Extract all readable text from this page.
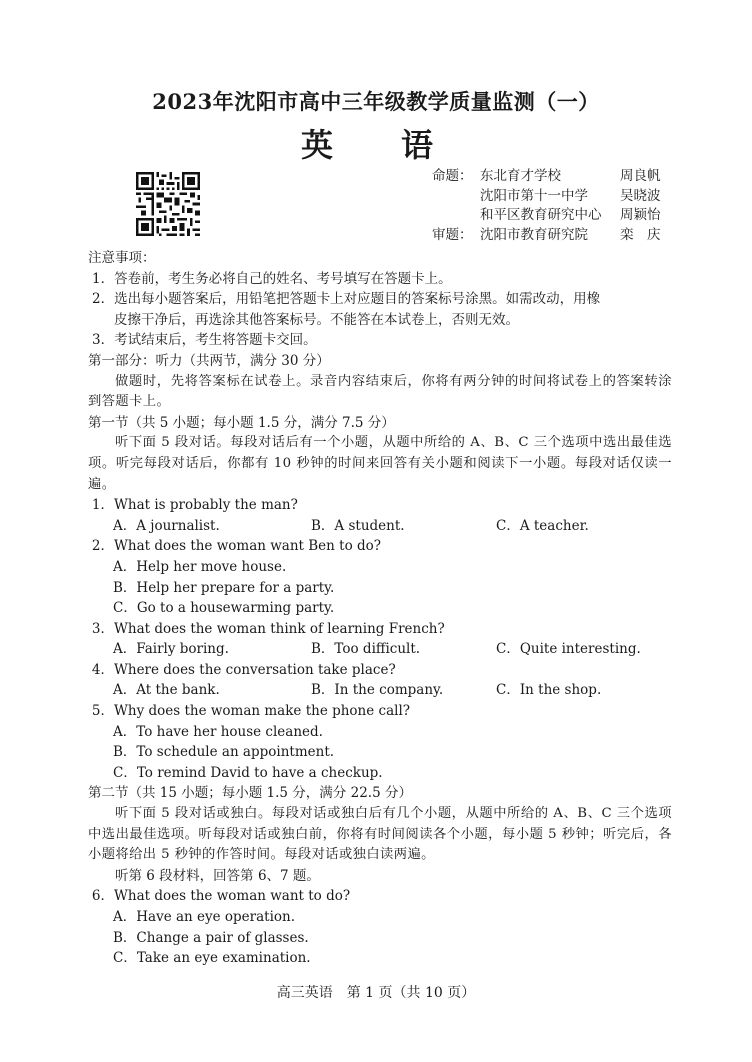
2023年沈阳市高中三年级教学质量监测（一）
英　语
命题： 东北育才学校	周良帆
沈阳市第十一中学	吴晓波
和平区教育研究中心	周颖怡
审题： 沈阳市教育研究院	栾　庆
注意事项：
1．答卷前，考生务必将自己的姓名、考号填写在答题卡上。
2．选出每小题答案后，用铅笔把答题卡上对应题目的答案标号涂黑。如需改动，用橡
皮擦干净后，再选涂其他答案标号。不能答在本试卷上，否则无效。
3．考试结束后，考生将答题卡交回。
第一部分：听力（共两节，满分 30 分）
做题时，先将答案标在试卷上。录音内容结束后，你将有两分钟的时间将试卷上的答案转涂到答题卡上。
第一节（共 5 小题；每小题 1.5 分，满分 7.5 分）
听下面 5 段对话。每段对话后有一个小题，从题中所给的 A、B、C 三个选项中选出最佳选项。听完每段对话后，你都有 10 秒钟的时间来回答有关小题和阅读下一小题。每段对话仅读一遍。
1． What is probably the man?
A．A journalist.	B．A student.	C．A teacher.
2． What does the woman want Ben to do?
A．Help her move house.
B．Help her prepare for a party.
C．Go to a housewarming party.
3． What does the woman think of learning French?
A．Fairly boring.	B．Too difficult.	C．Quite interesting.
4． Where does the conversation take place?
A．At the bank.	B．In the company.	C．In the shop.
5． Why does the woman make the phone call?
A．To have her house cleaned.
B．To schedule an appointment.
C．To remind David to have a checkup.
第二节（共 15 小题；每小题 1.5 分，满分 22.5 分）
听下面 5 段对话或独白。每段对话或独白后有几个小题，从题中所给的 A、B、C 三个选项中选出最佳选项。听每段对话或独白前，你将有时间阅读各个小题，每小题 5 秒钟；听完后，各小题将给出 5 秒钟的作答时间。每段对话或独白读两遍。
听第 6 段材料，回答第 6、7 题。
6． What does the woman want to do?
A．Have an eye operation.
B．Change a pair of glasses.
C．Take an eye examination.
高三英语　第 1 页（共 10 页）
